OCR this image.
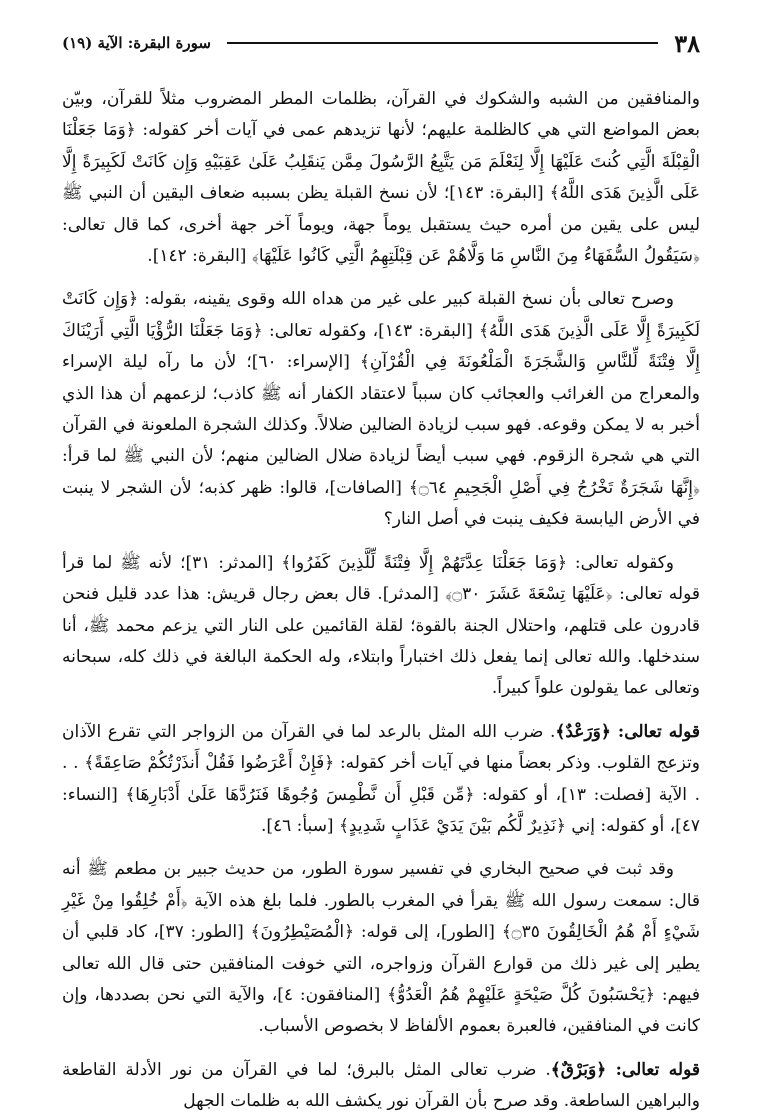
٣٨
سورة البقرة: الآية (١٩)

والمنافقين من الشبه والشكوك في القرآن، بظلمات المطر المضروب مثلاً للقرآن، وبيّن بعض المواضع التي هي كالظلمة عليهم؛ لأنها تزيدهم عمى في آيات أخر كقوله: ﴿وَمَا جَعَلْنَا الْقِبْلَةَ الَّتِي كُنتَ عَلَيْهَا إِلَّا لِنَعْلَمَ مَن يَتَّبِعُ الرَّسُولَ مِمَّن يَنقَلِبُ عَلَىٰ عَقِبَيْهِ وَإِن كَانَتْ لَكَبِيرَةً إِلَّا عَلَى الَّذِينَ هَدَى اللَّهُ﴾ [البقرة: ١٤٣]؛ لأن نسخ القبلة يظن بسببه ضعاف اليقين أن النبي ﷺ ليس على يقين من أمره حيث يستقبل يوماً جهة، ويوماً آخر جهة أخرى، كما قال تعالى: ﴿سَيَقُولُ السُّفَهَاءُ مِنَ النَّاسِ مَا وَلَّاهُمْ عَن قِبْلَتِهِمُ الَّتِي كَانُوا عَلَيْهَا﴾ [البقرة: ١٤٢].

وصرح تعالى بأن نسخ القبلة كبير على غير من هداه الله وقوى يقينه، بقوله: ﴿وَإِن كَانَتْ لَكَبِيرَةً إِلَّا عَلَى الَّذِينَ هَدَى اللَّهُ﴾ [البقرة: ١٤٣]، وكقوله تعالى: ﴿وَمَا جَعَلْنَا الرُّؤْيَا الَّتِي أَرَيْنَاكَ إِلَّا فِتْنَةً لِّلنَّاسِ وَالشَّجَرَةَ الْمَلْعُونَةَ فِي الْقُرْآنِ﴾ [الإسراء: ٦٠]؛ لأن ما رآه ليلة الإسراء والمعراج من الغرائب والعجائب كان سبباً لاعتقاد الكفار أنه ﷺ كاذب؛ لزعمهم أن هذا الذي أخبر به لا يمكن وقوعه. فهو سبب لزيادة الضالين ضلالاً. وكذلك الشجرة الملعونة في القرآن التي هي شجرة الزقوم. فهي سبب أيضاً لزيادة ضلال الضالين منهم؛ لأن النبي ﷺ لما قرأ: ﴿إِنَّهَا شَجَرَةٌ تَخْرُجُ فِي أَصْلِ الْجَحِيمِ ۝٦٤﴾ [الصافات]، قالوا: ظهر كذبه؛ لأن الشجر لا ينبت في الأرض اليابسة فكيف ينبت في أصل النار؟

وكقوله تعالى: ﴿وَمَا جَعَلْنَا عِدَّتَهُمْ إِلَّا فِتْنَةً لِّلَّذِينَ كَفَرُوا﴾ [المدثر: ٣١]؛ لأنه ﷺ لما قرأ قوله تعالى: ﴿عَلَيْهَا تِسْعَةَ عَشَرَ ۝٣٠﴾ [المدثر]. قال بعض رجال قريش: هذا عدد قليل فنحن قادرون على قتلهم، واحتلال الجنة بالقوة؛ لقلة القائمين على النار التي يزعم محمد ﷺ، أنا سندخلها. والله تعالى إنما يفعل ذلك اختباراً وابتلاء، وله الحكمة البالغة في ذلك كله، سبحانه وتعالى عما يقولون علواً كبيراً.

قوله تعالى: ﴿وَرَعْدٌ﴾. ضرب الله المثل بالرعد لما في القرآن من الزواجر التي تقرع الآذان وتزعج القلوب. وذكر بعضاً منها في آيات أخر كقوله: ﴿فَإِنْ أَعْرَضُوا فَقُلْ أَنذَرْتُكُمْ صَاعِقَةً﴾ . . . الآية [فصلت: ١٣]، أو كقوله: ﴿مِّن قَبْلِ أَن نَّطْمِسَ وُجُوهًا فَنَرُدَّهَا عَلَىٰ أَدْبَارِهَا﴾ [النساء: ٤٧]، أو كقوله: إني ﴿نَذِيرٌ لَّكُم بَيْنَ يَدَيْ عَذَابٍ شَدِيدٍ﴾ [سبأ: ٤٦].

وقد ثبت في صحيح البخاري في تفسير سورة الطور، من حديث جبير بن مطعم ﷺ أنه قال: سمعت رسول الله ﷺ يقرأ في المغرب بالطور. فلما بلغ هذه الآية ﴿أَمْ خُلِقُوا مِنْ غَيْرِ شَيْءٍ أَمْ هُمُ الْخَالِقُونَ ۝٣٥﴾ [الطور]، إلى قوله: ﴿الْمُصَيْطِرُونَ﴾ [الطور: ٣٧]، كاد قلبي أن يطير إلى غير ذلك من قوارع القرآن وزواجره، التي خوفت المنافقين حتى قال الله تعالى فيهم: ﴿يَحْسَبُونَ كُلَّ صَيْحَةٍ عَلَيْهِمْ هُمُ الْعَدُوُّ﴾ [المنافقون: ٤]، والآية التي نحن بصددها، وإن كانت في المنافقين، فالعبرة بعموم الألفاظ لا بخصوص الأسباب.

قوله تعالى: ﴿وَبَرْقٌ﴾. ضرب تعالى المثل بالبرق؛ لما في القرآن من نور الأدلة القاطعة والبراهين الساطعة. وقد صرح بأن القرآن نور يكشف الله به ظلمات الجهل
